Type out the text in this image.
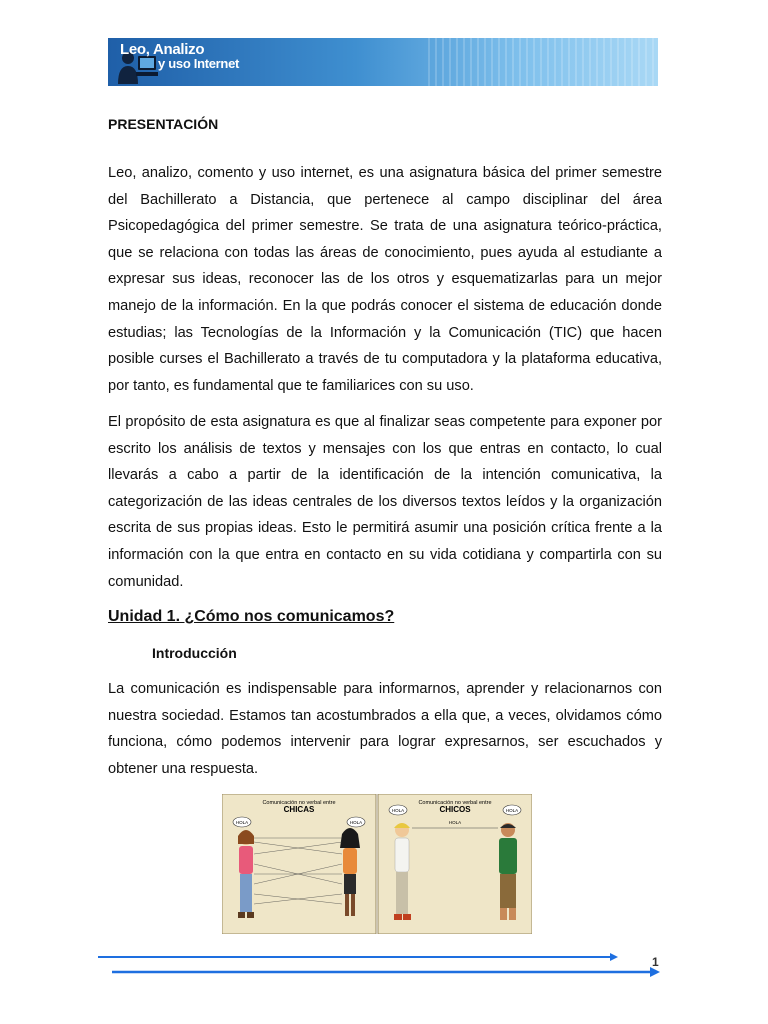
Leo, Analizo
y uso Internet
PRESENTACIÓN

Leo, analizo, comento y uso internet, es una asignatura básica del primer semestre del Bachillerato a Distancia, que pertenece al campo disciplinar del área Psicopedagógica del primer semestre. Se trata de una asignatura teórico-práctica, que se relaciona con todas las áreas de conocimiento, pues ayuda al estudiante a expresar sus ideas, reconocer las de los otros y esquematizarlas para un mejor manejo de la información. En la que podrás conocer el sistema de educación donde estudias; las Tecnologías de la Información y la Comunicación (TIC) que hacen posible curses el Bachillerato a través de tu computadora y la plataforma educativa, por tanto, es fundamental que te familiarices con su uso.

El propósito de esta asignatura es que al finalizar seas competente para exponer por escrito los análisis de textos y mensajes con los que entras en contacto, lo cual llevarás a cabo a partir de la identificación de la intención comunicativa, la categorización de las ideas centrales de los diversos textos leídos y la organización escrita de sus propias ideas. Esto le permitirá asumir una posición crítica frente a la información con la que entra en contacto en su vida cotidiana y compartirla con su comunidad.

Unidad 1. ¿Cómo nos comunicamos?
Introducción

La comunicación es indispensable para informarnos, aprender y relacionarnos con nuestra sociedad. Estamos tan acostumbrados a ella que, a veces, olvidamos cómo funciona, cómo podemos intervenir para lograr expresarnos, ser escuchados y obtener una respuesta.

Comunicación no verbal entre
CHICAS
HOLA	HOLA
Comunicación no verbal entre
CHICOS
HOLA	HOLA
HOLA
1
